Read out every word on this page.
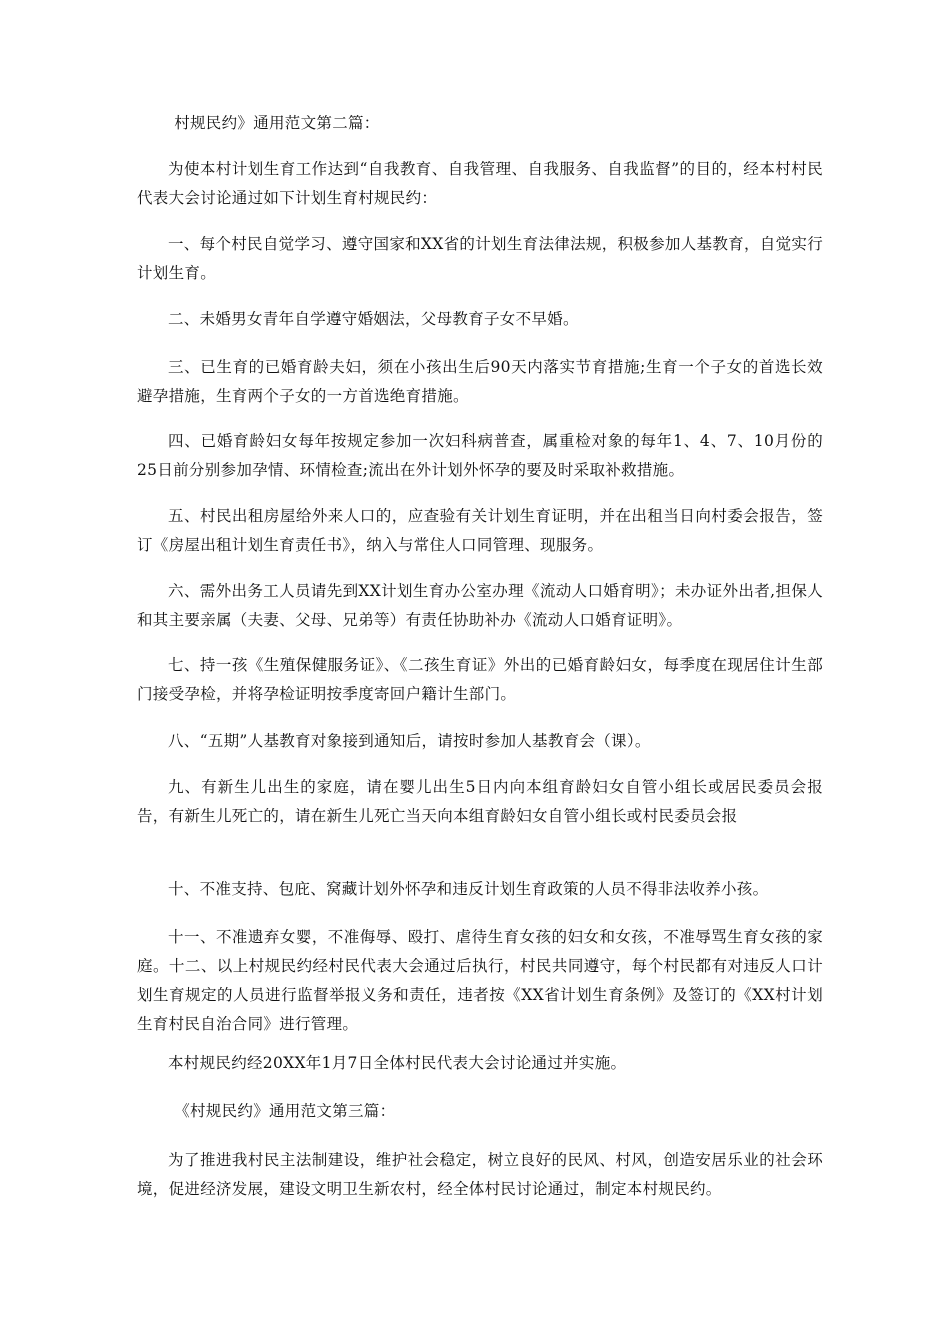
村规民约》通用范文第二篇：

为使本村计划生育工作达到“自我教育、自我管理、自我服务、自我监督”的目的，经本村村民代表大会讨论通过如下计划生育村规民约：

一、每个村民自觉学习、遵守国家和XX省的计划生育法律法规，积极参加人基教育，自觉实行计划生育。

二、未婚男女青年自学遵守婚姻法，父母教育子女不早婚。

三、已生育的已婚育龄夫妇，须在小孩出生后90天内落实节育措施;生育一个子女的首选长效避孕措施，生育两个子女的一方首选绝育措施。

四、已婚育龄妇女每年按规定参加一次妇科病普查，属重检对象的每年1、4、7、10月份的25日前分别参加孕情、环情检查;流出在外计划外怀孕的要及时采取补救措施。

五、村民出租房屋给外来人口的，应查验有关计划生育证明，并在出租当日向村委会报告，签订《房屋出租计划生育责任书》，纳入与常住人口同管理、现服务。

六、需外出务工人员请先到XX计划生育办公室办理《流动人口婚育明》；未办证外出者,担保人和其主要亲属（夫妻、父母、兄弟等）有责任协助补办《流动人口婚育证明》。

七、持一孩《生殖保健服务证》、《二孩生育证》外出的已婚育龄妇女，每季度在现居住计生部门接受孕检，并将孕检证明按季度寄回户籍计生部门。

八、“五期”人基教育对象接到通知后，请按时参加人基教育会（课）。

九、有新生儿出生的家庭，请在婴儿出生5日内向本组育龄妇女自管小组长或居民委员会报告，有新生儿死亡的，请在新生儿死亡当天向本组育龄妇女自管小组长或村民委员会报

十、不准支持、包庇、窝藏计划外怀孕和违反计划生育政策的人员不得非法收养小孩。

十一、不准遗弃女婴，不准侮辱、殴打、虐待生育女孩的妇女和女孩，不准辱骂生育女孩的家庭。十二、以上村规民约经村民代表大会通过后执行，村民共同遵守，每个村民都有对违反人口计划生育规定的人员进行监督举报义务和责任，违者按《XX省计划生育条例》及签订的《XX村计划生育村民自治合同》进行管理。

本村规民约经20XX年1月7日全体村民代表大会讨论通过并实施。

《村规民约》通用范文第三篇：

为了推进我村民主法制建设，维护社会稳定，树立良好的民风、村风，创造安居乐业的社会环境，促进经济发展，建设文明卫生新农村，经全体村民讨论通过，制定本村规民约。
